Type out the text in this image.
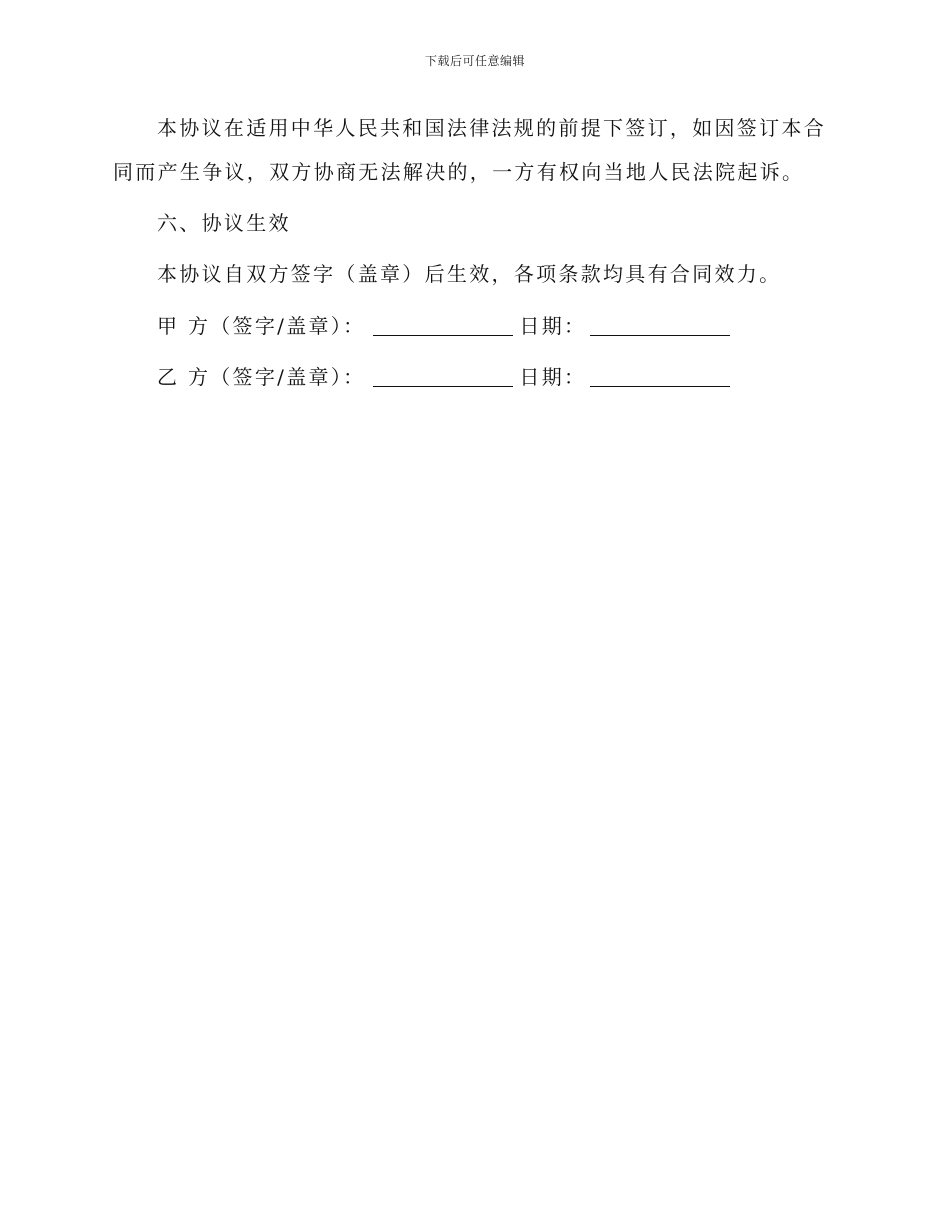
下载后可任意编辑

本协议在适用中华人民共和国法律法规的前提下签订，如因签订本合同而产生争议，双方协商无法解决的，一方有权向当地人民法院起诉。

六、协议生效

本协议自双方签字（盖章）后生效，各项条款均具有合同效力。

甲 方（签字/盖章）：	日期：
乙 方（签字/盖章）：	日期：
